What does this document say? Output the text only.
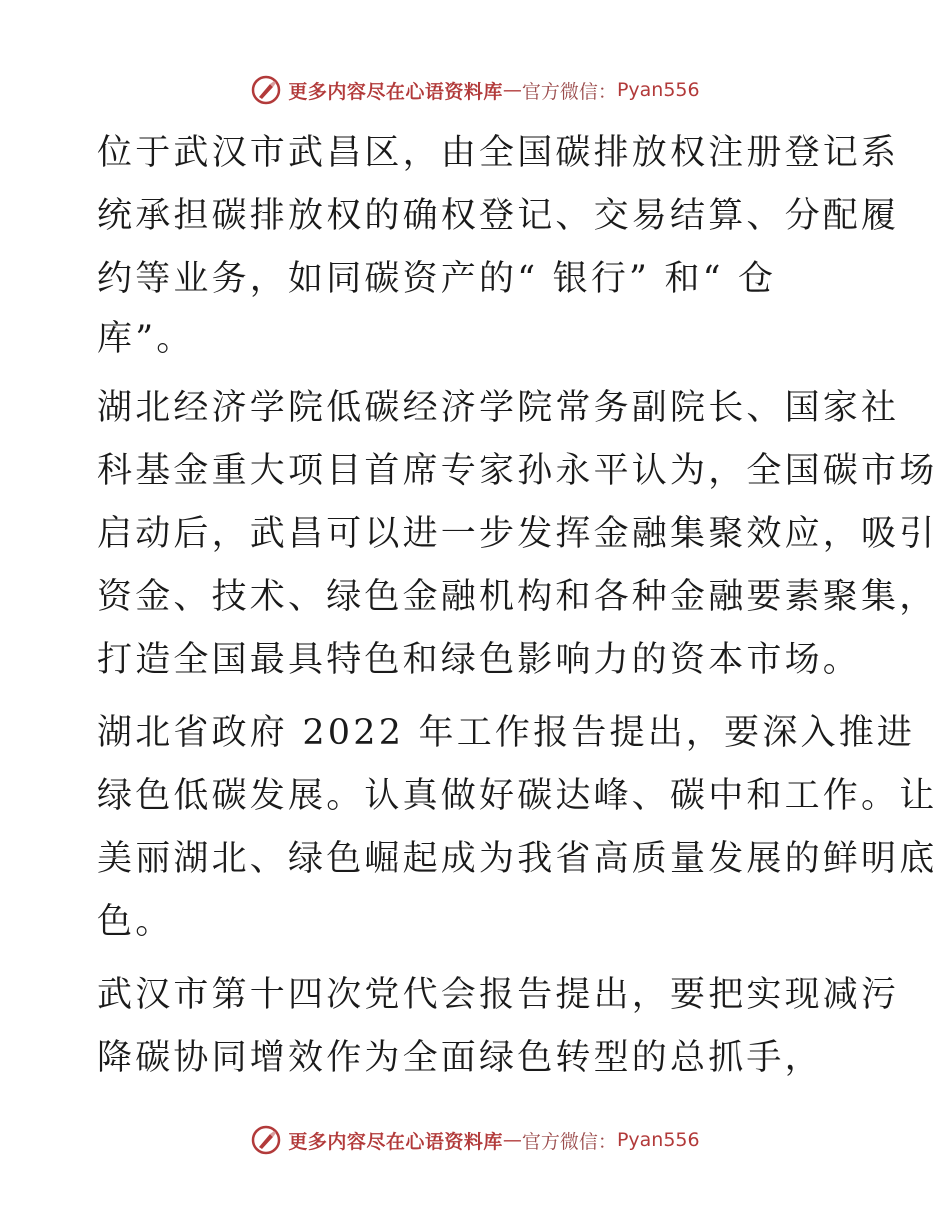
更多内容尽在心语资料库 — 官方微信： Pyan556

位于武汉市武昌区，由全国碳排放权注册登记系
统承担碳排放权的确权登记、交易结算、分配履
约等业务，如同碳资产的“ 银行” 和“ 仓
库”。

湖北经济学院低碳经济学院常务副院长、国家社
科基金重大项目首席专家孙永平认为，全国碳市场
启动后，武昌可以进一步发挥金融集聚效应，吸引
资金、技术、绿色金融机构和各种金融要素聚集，
打造全国最具特色和绿色影响力的资本市场。

湖北省政府 2022 年工作报告提出，要深入推进
绿色低碳发展。认真做好碳达峰、碳中和工作。让
美丽湖北、绿色崛起成为我省高质量发展的鲜明底
色。

武汉市第十四次党代会报告提出，要把实现减污
降碳协同增效作为全面绿色转型的总抓手，

更多内容尽在心语资料库 — 官方微信： Pyan556
